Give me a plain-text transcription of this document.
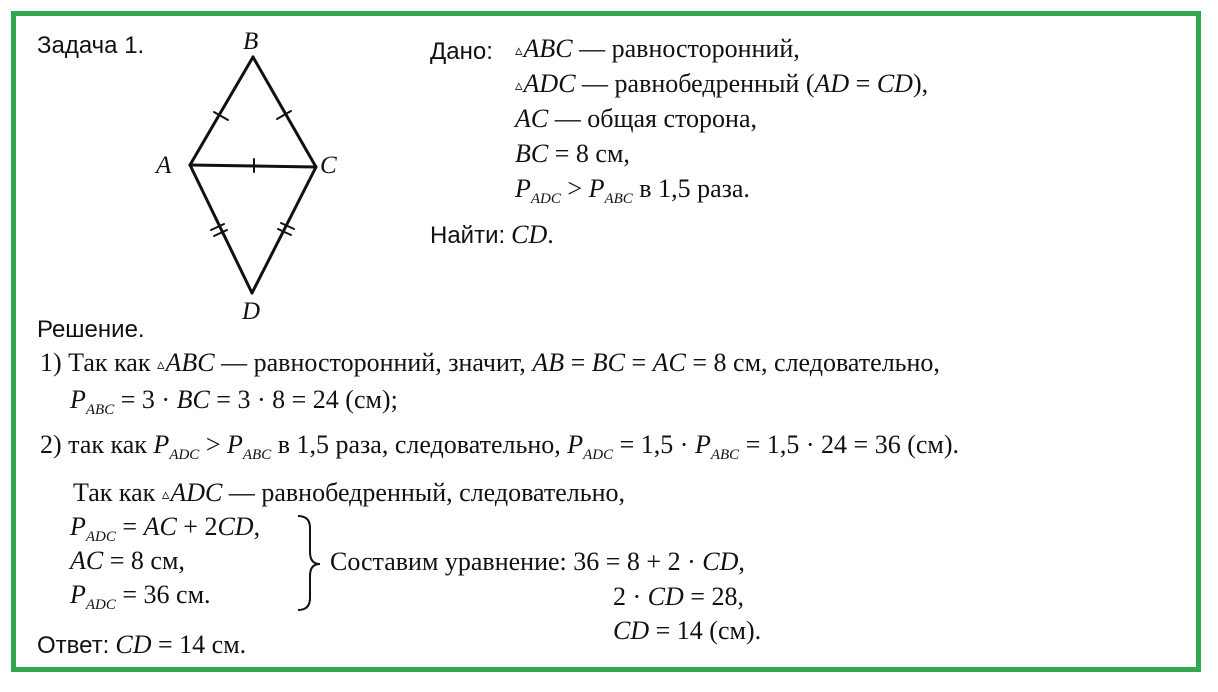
B
A	C
D
Задача 1.	Дано: ▵ABC — равносторонний,
▵ADC — равнобедренный (AD = CD),
AC — общая сторона,
BC = 8 см,
$P_{ADC} > P_{ABC}$ в 1,5 раза.
Найти: CD.
Решение.
1) Так как ▵ABC — равносторонний, значит, AB = BC = AC = 8 см, следовательно,
$P_{ABC} = 3$ · BC = 3 · 8 = 24 (см);
2) так как $P_{ADC} > P_{ABC}$ в 1,5 раза, следовательно, $P_{ADC} = 1,5 \cdot P_{ABC} = 1,5 \cdot 24 = 36$ (см).
Так как ▵ADC — равнобедренный, следовательно,
$P_{ADC}$ = AC + 2CD,
AC = 8 см,
$P_{ADC} = 36$ см.
Составим уравнение: 36 = 8 + 2 · CD,
2 · CD = 28,
CD = 14 (см).
Ответ: CD = 14 см.
